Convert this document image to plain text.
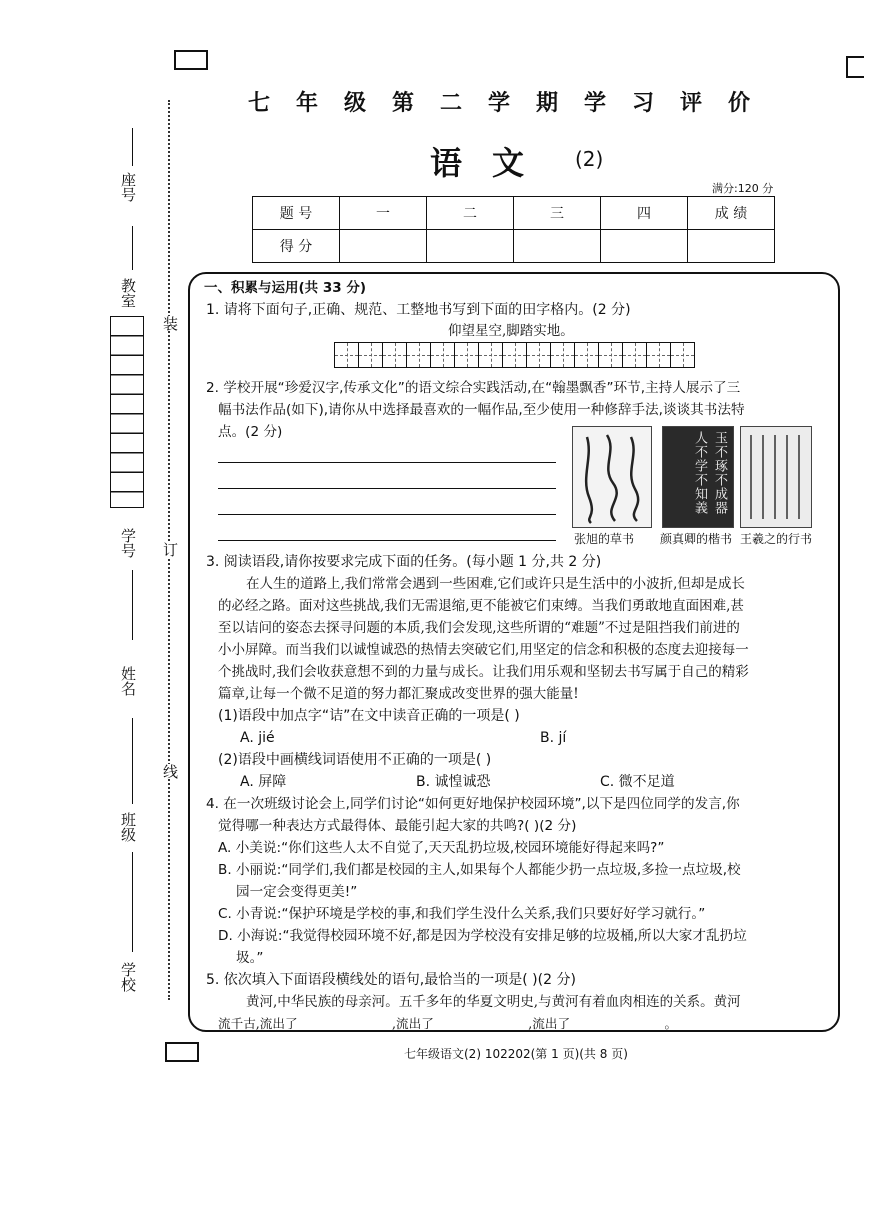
座号
教室
学号
姓名
班级
学校
装
订
线
七年级第二学期学习评价
语文 (2)
满分:120 分
题 号	一	二	三	四	成 绩
得 分					
一、积累与运用(共 33 分)
1. 请将下面句子,正确、规范、工整地书写到下面的田字格内。(2 分)
仰望星空,脚踏实地。
2. 学校开展“珍爱汉字,传承文化”的语文综合实践活动,在“翰墨飘香”环节,主持人展示了三
幅书法作品(如下),请你从中选择最喜欢的一幅作品,至少使用一种修辞手法,谈谈其书法特
点。(2 分)	玉不琢不成器人不学不知義
张旭的草书 颜真卿的楷书 王羲之的行书
3. 阅读语段,请你按要求完成下面的任务。(每小题 1 分,共 2 分)
在人生的道路上,我们常常会遇到一些困难,它们或许只是生活中的小波折,但却是成长
的必经之路。面对这些挑战,我们无需退缩,更不能被它们束缚。当我们勇敢地直面困难,甚
至以诘问的姿态去探寻问题的本质,我们会发现,这些所谓的“难题”不过是阻挡我们前进的
小小屏障。而当我们以诚惶诚恐的热情去突破它们,用坚定的信念和积极的态度去迎接每一
个挑战时,我们会收获意想不到的力量与成长。让我们用乐观和坚韧去书写属于自己的精彩
篇章,让每一个微不足道的努力都汇聚成改变世界的强大能量!
(1)语段中加点字“诘”在文中读音正确的一项是( )
A. jié	B. jí
(2)语段中画横线词语使用不正确的一项是( )
A. 屏障	B. 诚惶诚恐	C. 微不足道
4. 在一次班级讨论会上,同学们讨论“如何更好地保护校园环境”,以下是四位同学的发言,你
觉得哪一种表达方式最得体、最能引起大家的共鸣?( )(2 分)
A. 小美说:“你们这些人太不自觉了,天天乱扔垃圾,校园环境能好得起来吗?”
B. 小丽说:“同学们,我们都是校园的主人,如果每个人都能少扔一点垃圾,多捡一点垃圾,校
园一定会变得更美!”
C. 小青说:“保护环境是学校的事,和我们学生没什么关系,我们只要好好学习就行。”
D. 小海说:“我觉得校园环境不好,都是因为学校没有安排足够的垃圾桶,所以大家才乱扔垃
圾。”
5. 依次填入下面语段横线处的语句,最恰当的一项是( )(2 分)
黄河,中华民族的母亲河。五千多年的华夏文明史,与黄河有着血肉相连的关系。黄河
流千古,流出了_______________,流出了_______________,流出了_______________。
七年级语文(2) 102202(第 1 页)(共 8 页)
